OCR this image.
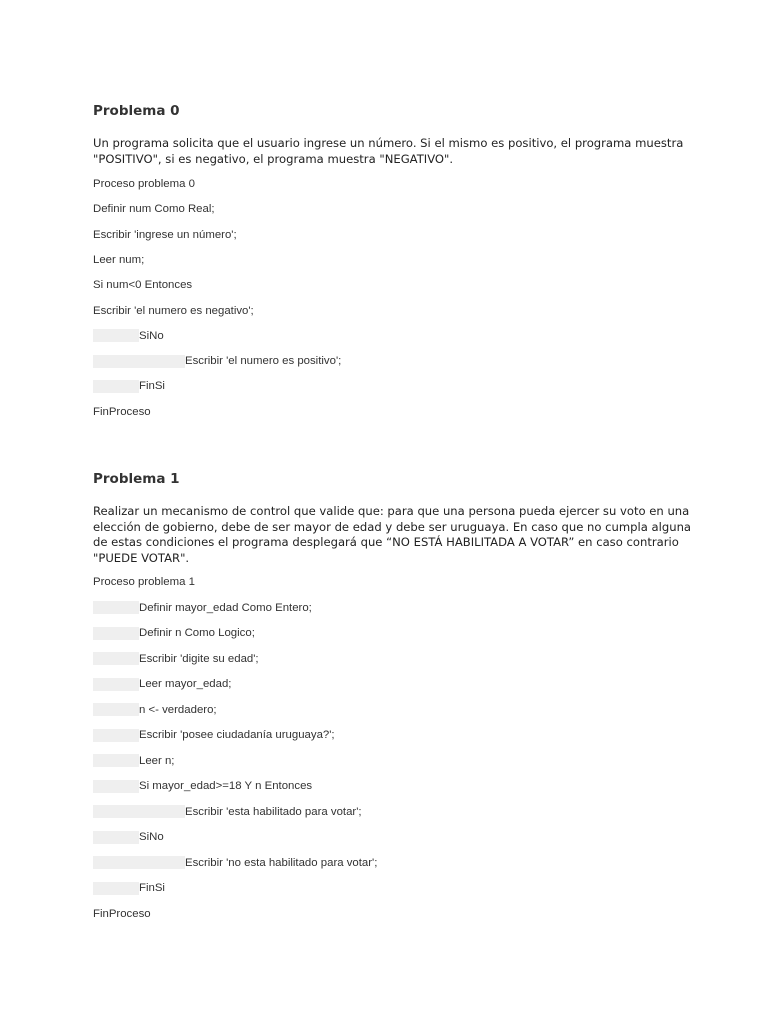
Problema 0

Un programa solicita que el usuario ingrese un número. Si el mismo es positivo, el programa muestra "POSITIVO", si es negativo, el programa muestra "NEGATIVO".

Proceso problema 0
Definir num Como Real;
Escribir 'ingrese un número';
Leer num;
Si num<0 Entonces
Escribir 'el numero es negativo';
SiNo
Escribir 'el numero es positivo';
FinSi
FinProceso
Problema 1

Realizar un mecanismo de control que valide que: para que una persona pueda ejercer su voto en una elección de gobierno, debe de ser mayor de edad y debe ser uruguaya. En caso que no cumpla alguna de estas condiciones el programa desplegará que “NO ESTÁ HABILITADA A VOTAR” en caso contrario "PUEDE VOTAR".

Proceso problema 1
Definir mayor_edad Como Entero;
Definir n Como Logico;
Escribir 'digite su edad';
Leer mayor_edad;
n <- verdadero;
Escribir 'posee ciudadanía uruguaya?';
Leer n;
Si mayor_edad>=18 Y n Entonces
Escribir 'esta habilitado para votar';
SiNo
Escribir 'no esta habilitado para votar';
FinSi
FinProceso
